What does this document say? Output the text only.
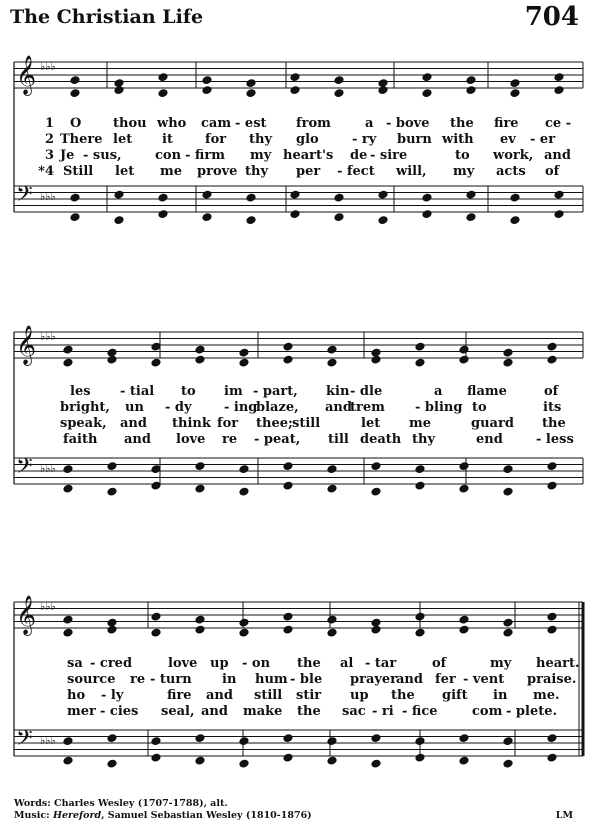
The Christian Life	704
𝄞 ♭♭♭
𝄢 ♭♭♭
𝄞 ♭♭♭
𝄢 ♭♭♭
𝄞 ♭♭♭
𝄢 ♭♭♭
1 O thou who cam - est from	a - bove the fire ce -
2 There let it for thy glo	- ry burn with ev - er
3 Je - sus,	con - firm my heart's de - sire	to work, and
*4 Still let me prove thy per - fect will, my acts of
les - tial to im - part, kin - dle	a flame	of
bright, un - dy - ing
blaze, and
trem - bling to	its
speak, and think for thee; still	let me	guard the
faith and love re - peat, till death thy	end	- less
sa - cred	love up - on the al - tar	of	my heart.
source re - turn in hum - ble prayer
and fer - vent praise.
ho - ly	fire and still stir up the gift in me.
mer - cies seal, and make the sac - ri - fice	com - plete.
Words: Charles Wesley (1707-1788), alt.
Music: Hereford, Samuel Sebastian Wesley (1810-1876)	LM
